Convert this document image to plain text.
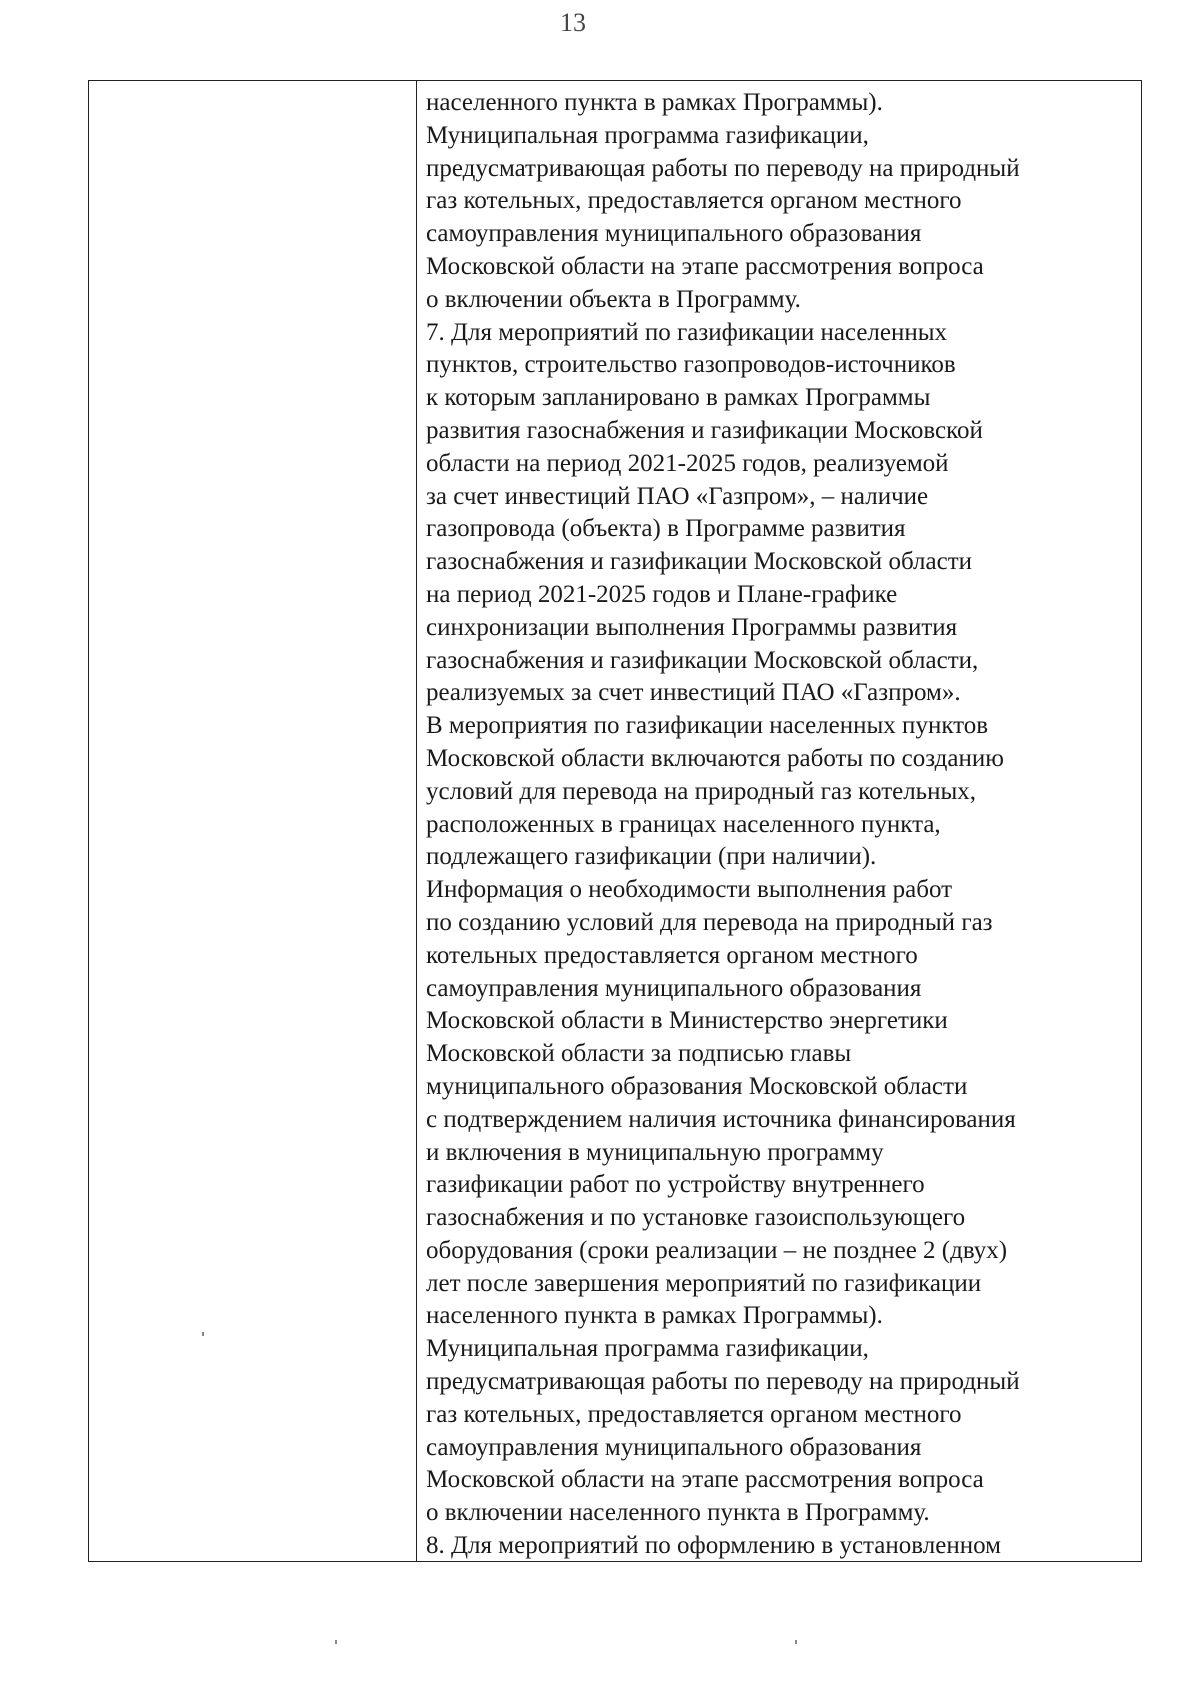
13
населенного пункта в рамках Программы).
Муниципальная программа газификации,
предусматривающая работы по переводу на природный
газ котельных, предоставляется органом местного
самоуправления муниципального образования
Московской области на этапе рассмотрения вопроса
о включении объекта в Программу.
7. Для мероприятий по газификации населенных
пунктов, строительство газопроводов-источников
к которым запланировано в рамках Программы
развития газоснабжения и газификации Московской
области на период 2021-2025 годов, реализуемой
за счет инвестиций ПАО «Газпром», – наличие
газопровода (объекта) в Программе развития
газоснабжения и газификации Московской области
на период 2021-2025 годов и Плане-графике
синхронизации выполнения Программы развития
газоснабжения и газификации Московской области,
реализуемых за счет инвестиций ПАО «Газпром».
В мероприятия по газификации населенных пунктов
Московской области включаются работы по созданию
условий для перевода на природный газ котельных,
расположенных в границах населенного пункта,
подлежащего газификации (при наличии).
Информация о необходимости выполнения работ
по созданию условий для перевода на природный газ
котельных предоставляется органом местного
самоуправления муниципального образования
Московской области в Министерство энергетики
Московской области за подписью главы
муниципального образования Московской области
с подтверждением наличия источника финансирования
и включения в муниципальную программу
газификации работ по устройству внутреннего
газоснабжения и по установке газоиспользующего
оборудования (сроки реализации – не позднее 2 (двух)
лет после завершения мероприятий по газификации
населенного пункта в рамках Программы).
Муниципальная программа газификации,
предусматривающая работы по переводу на природный
газ котельных, предоставляется органом местного
самоуправления муниципального образования
Московской области на этапе рассмотрения вопроса
о включении населенного пункта в Программу.
8. Для мероприятий по оформлению в установленном
